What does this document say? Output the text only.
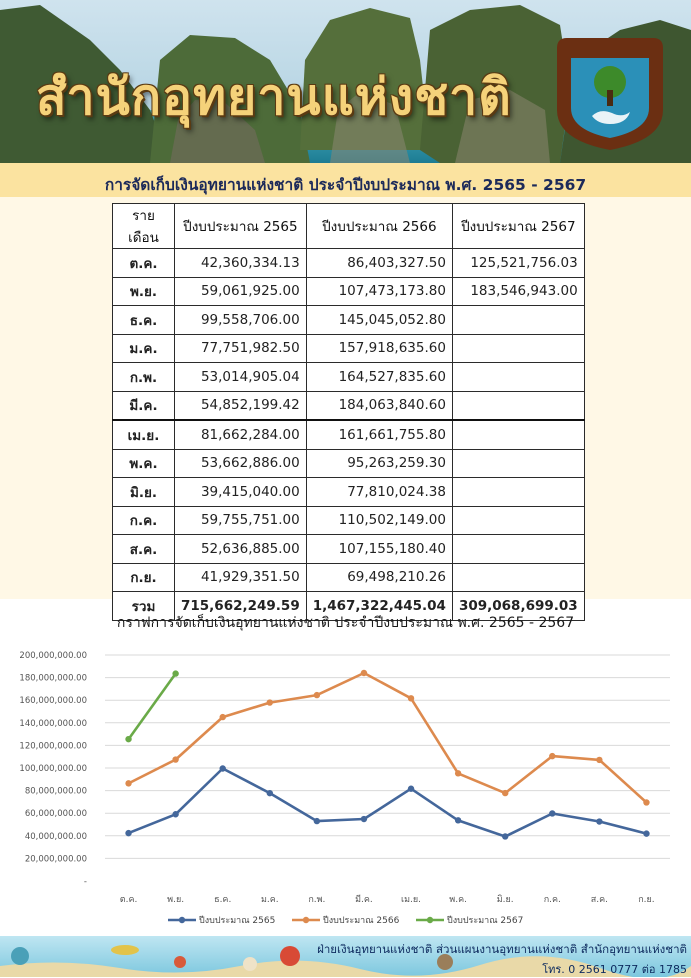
สำนักอุทยานแห่งชาติ
การจัดเก็บเงินอุทยานแห่งชาติ ประจำปีงบประมาณ พ.ศ. 2565 - 2567
รายเดือน	ปีงบประมาณ 2565	ปีงบประมาณ 2566	ปีงบประมาณ 2567
ต.ค.	42,360,334.13	86,403,327.50	125,521,756.03
พ.ย.	59,061,925.00	107,473,173.80	183,546,943.00
ธ.ค.	99,558,706.00	145,045,052.80	
ม.ค.	77,751,982.50	157,918,635.60	
ก.พ.	53,014,905.04	164,527,835.60	
มี.ค.	54,852,199.42	184,063,840.60	
เม.ย.	81,662,284.00	161,661,755.80	
พ.ค.	53,662,886.00	95,263,259.30	
มิ.ย.	39,415,040.00	77,810,024.38	
ก.ค.	59,755,751.00	110,502,149.00	
ส.ค.	52,636,885.00	107,155,180.40	
ก.ย.	41,929,351.50	69,498,210.26	
รวม	715,662,249.59	1,467,322,445.04	309,068,699.03
กราฟการจัดเก็บเงินอุทยานแห่งชาติ ประจำปีงบประมาณ พ.ศ. 2565 - 2567
-
20,000,000.00
40,000,000.00
60,000,000.00
80,000,000.00
100,000,000.00
120,000,000.00
140,000,000.00
160,000,000.00
180,000,000.00
200,000,000.00
ต.ค.	พ.ย.	ธ.ค.	ม.ค.	ก.พ.	มี.ค.	เม.ย.	พ.ค.	มิ.ย.	ก.ค.	ส.ค.	ก.ย.
ปีงบประมาณ 2565	ปีงบประมาณ 2566	ปีงบประมาณ 2567
ฝ่ายเงินอุทยานแห่งชาติ ส่วนแผนงานอุทยานแห่งชาติ สำนักอุทยานแห่งชาติ
โทร. 0 2561 0777 ต่อ 1785
